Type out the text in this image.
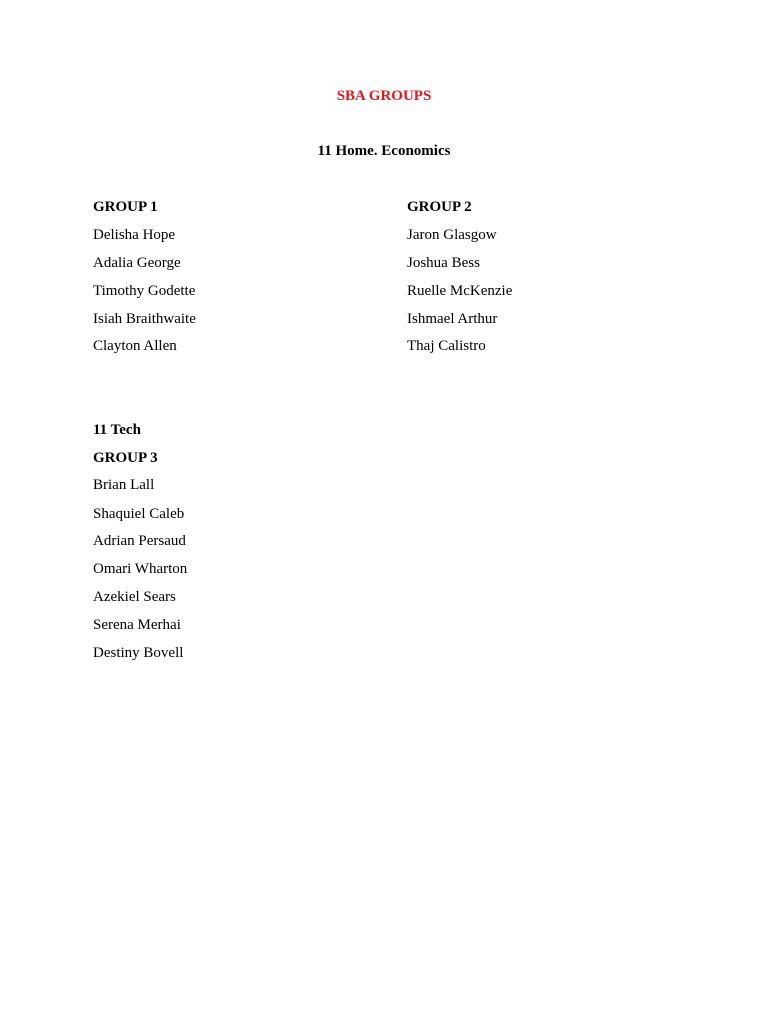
SBA GROUPS
11 Home. Economics
GROUP 1
Delisha Hope
Adalia George
Timothy Godette
Isiah Braithwaite
Clayton Allen
GROUP 2
Jaron Glasgow
Joshua Bess
Ruelle McKenzie
Ishmael Arthur
Thaj Calistro
11 Tech
GROUP 3
Brian Lall
Shaquiel Caleb
Adrian Persaud
Omari Wharton
Azekiel Sears
Serena Merhai
Destiny Bovell
